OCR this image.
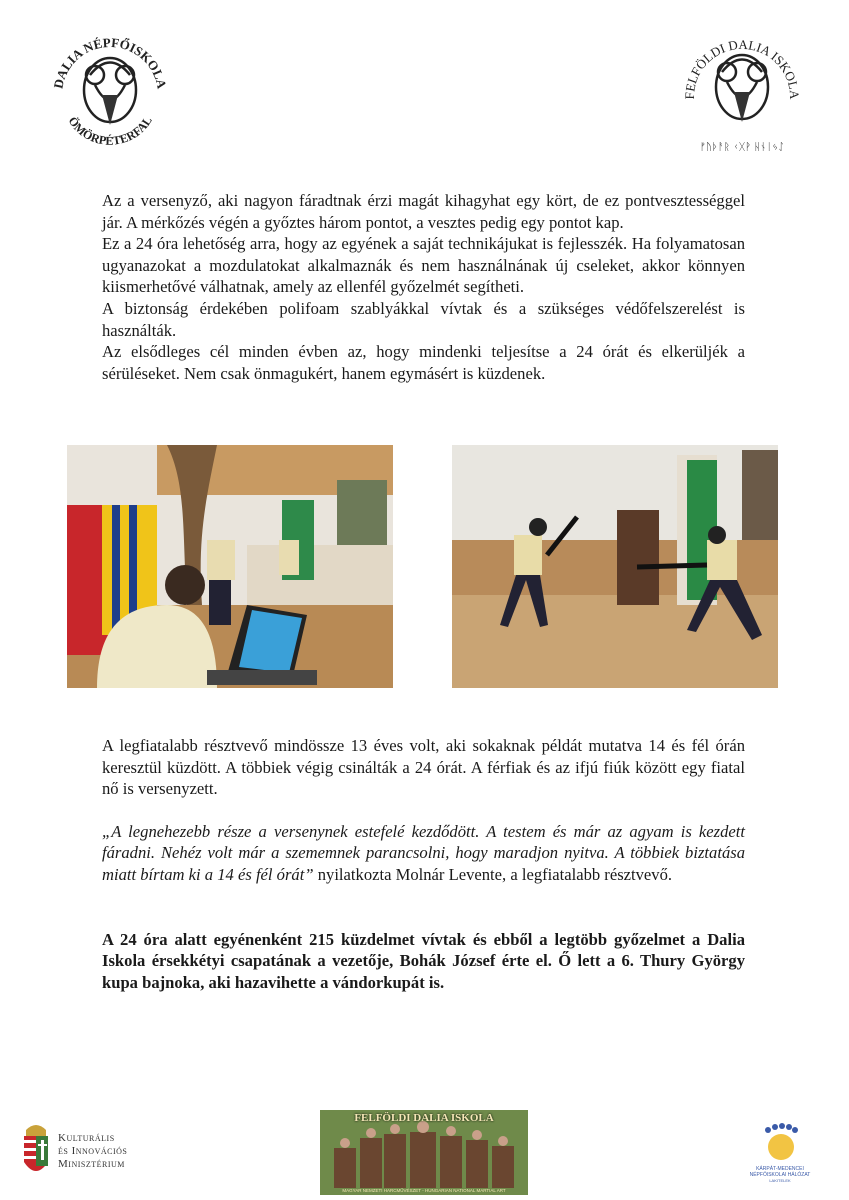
DALIA NÉPFŐISKOLA
ÖMÖRPÉTERFAL
FELFÖLDI DALIA ISKOLA
ᚠᚢᚦᚨᚱ ᚲᚷᚹ ᚺᚾᛁᛃᛇ

Az a versenyző, aki nagyon fáradtnak érzi magát kihagyhat egy kört, de ez pontvesztességgel jár. A mérkőzés végén a győztes három pontot, a vesztes pedig egy pontot kap.

Ez a 24 óra lehetőség arra, hogy az egyének a saját technikájukat is fejlesszék. Ha folyamatosan ugyanazokat a mozdulatokat alkalmaznák és nem használnának új cseleket, akkor könnyen kiismerhetővé válhatnak, amely az ellenfél győzelmét segítheti.

A biztonság érdekében polifoam szablyákkal vívtak és a szükséges védőfelszerelést is használták.

Az elsődleges cél minden évben az, hogy mindenki teljesítse a 24 órát és elkerüljék a sérüléseket. Nem csak önmagukért, hanem egymásért is küzdenek.

A legfiatalabb résztvevő mindössze 13 éves volt, aki sokaknak példát mutatva 14 és fél órán keresztül küzdött. A többiek végig csinálták a 24 órát. A férfiak és az ifjú fiúk között egy fiatal nő is versenyzett.

„A legnehezebb része a versenynek estefelé kezdődött. A testem és már az agyam is kezdett fáradni. Nehéz volt már a szememnek parancsolni, hogy maradjon nyitva. A többiek biztatása miatt bírtam ki a 14 és fél órát” nyilatkozta Molnár Levente, a legfiatalabb résztvevő.

A 24 óra alatt egyénenként 215 küzdelmet vívtak és ebből a legtöbb győzelmet a Dalia Iskola érsekkétyi csapatának a vezetője, Bohák József érte el. Ő lett a 6. Thury György kupa bajnoka, aki hazavihette a vándorkupát is.

Kulturális
és Innovációs
Minisztérium
FELFÖLDI DALIA ISKOLA
MAGYAR NEMZETI HARCMŰVÉSZET - HUNGARIAN NATIONAL MARTIAL ART
KÁRPÁT-MEDENCEI
NÉPFŐISKOLAI HÁLÓZAT
LAKITELEK
